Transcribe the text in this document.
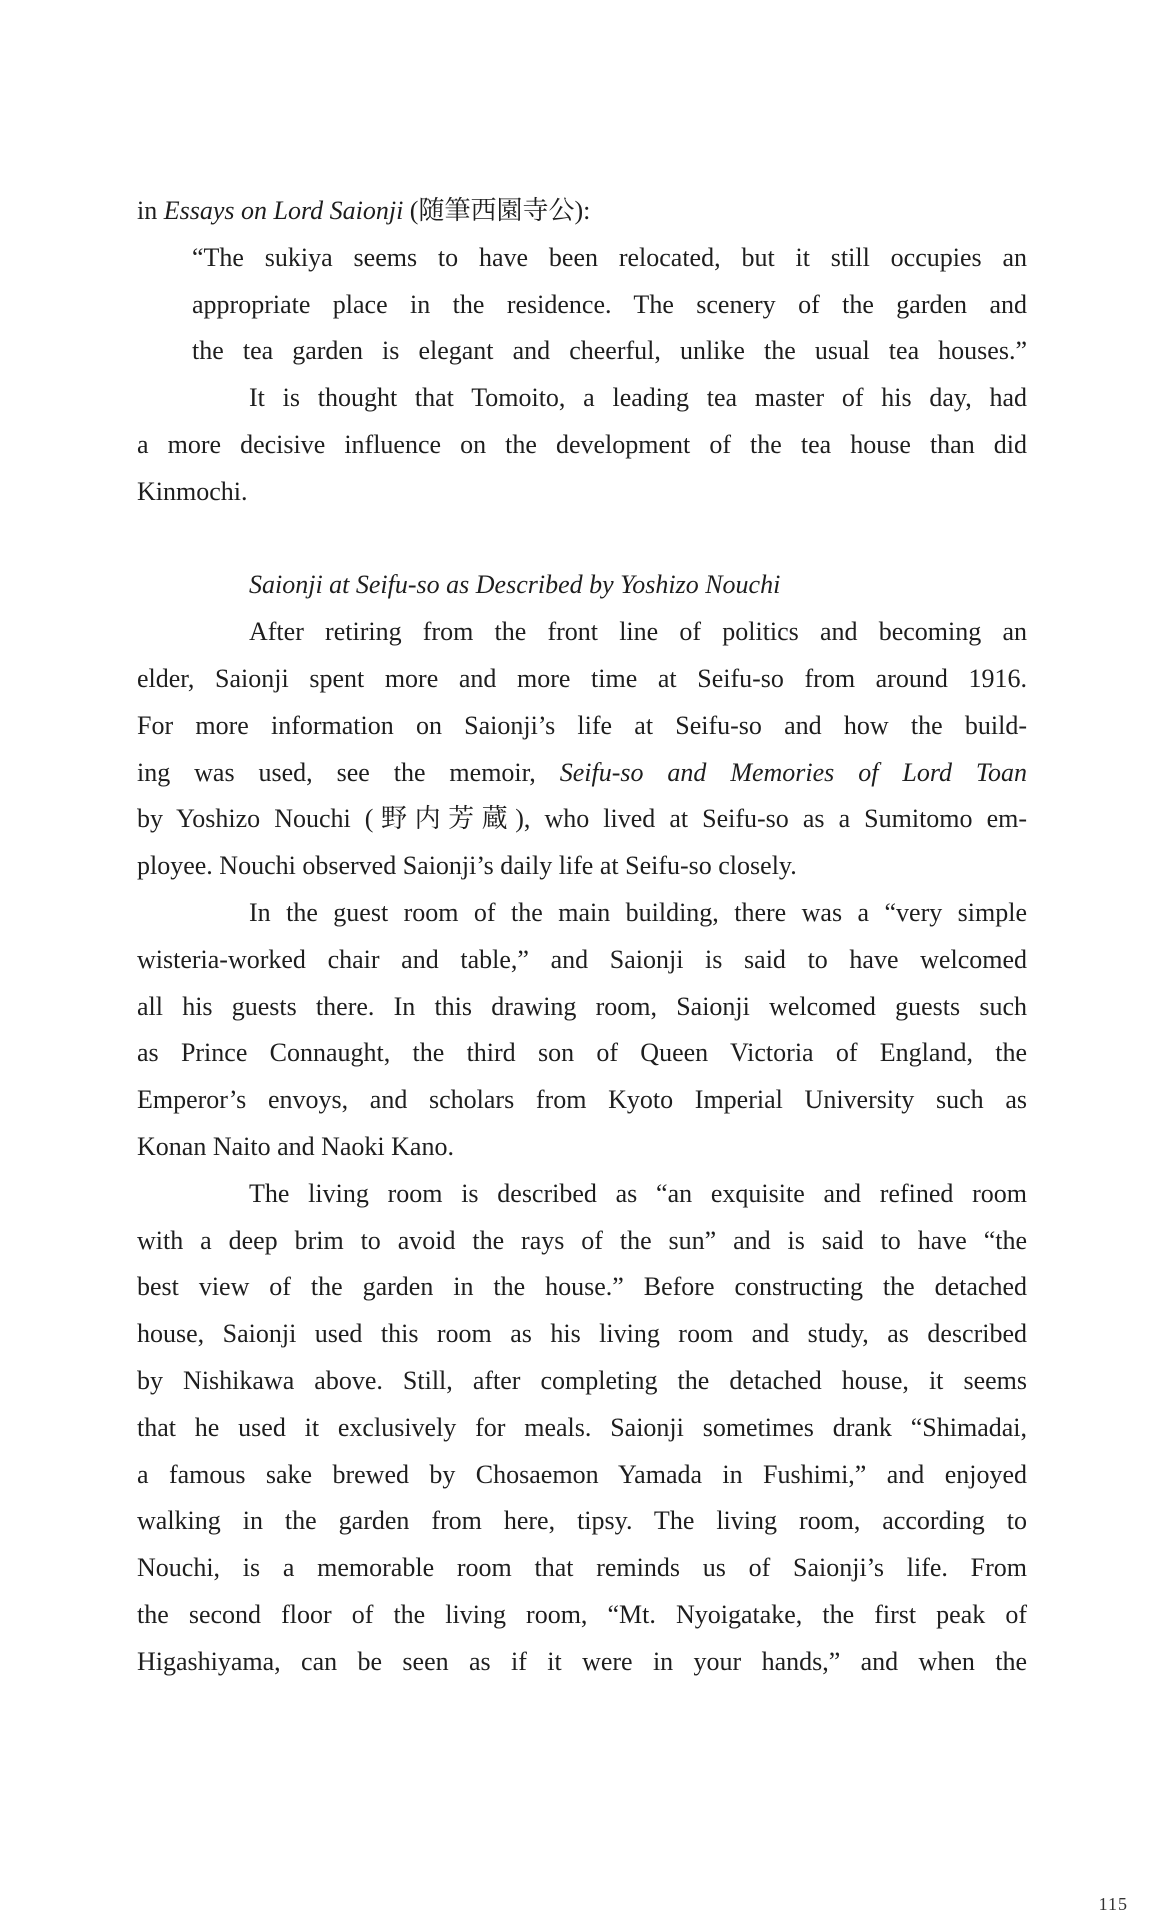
in Essays on Lord Saionji (随筆西園寺公):
“The sukiya seems to have been relocated, but it still occupies an
appropriate place in the residence. The scenery of the garden and
the tea garden is elegant and cheerful, unlike the usual tea houses.”
It is thought that Tomoito, a leading tea master of his day, had
a more decisive influence on the development of the tea house than did
Kinmochi.
Saionji at Seifu-so as Described by Yoshizo Nouchi
After retiring from the front line of politics and becoming an
elder, Saionji spent more and more time at Seifu-so from around 1916.
For more information on Saionji’s life at Seifu-so and how the build-
ing was used, see the memoir, Seifu-so and Memories of Lord Toan
by Yoshizo Nouchi (野内芳蔵), who lived at Seifu-so as a Sumitomo em-
ployee. Nouchi observed Saionji’s daily life at Seifu-so closely.
In the guest room of the main building, there was a “very simple
wisteria-worked chair and table,” and Saionji is said to have welcomed
all his guests there. In this drawing room, Saionji welcomed guests such
as Prince Connaught, the third son of Queen Victoria of England, the
Emperor’s envoys, and scholars from Kyoto Imperial University such as
Konan Naito and Naoki Kano.
The living room is described as “an exquisite and refined room
with a deep brim to avoid the rays of the sun” and is said to have “the
best view of the garden in the house.” Before constructing the detached
house, Saionji used this room as his living room and study, as described
by Nishikawa above. Still, after completing the detached house, it seems
that he used it exclusively for meals. Saionji sometimes drank “Shimadai,
a famous sake brewed by Chosaemon Yamada in Fushimi,” and enjoyed
walking in the garden from here, tipsy. The living room, according to
Nouchi, is a memorable room that reminds us of Saionji’s life. From
the second floor of the living room, “Mt. Nyoigatake, the first peak of
Higashiyama, can be seen as if it were in your hands,” and when the
115
